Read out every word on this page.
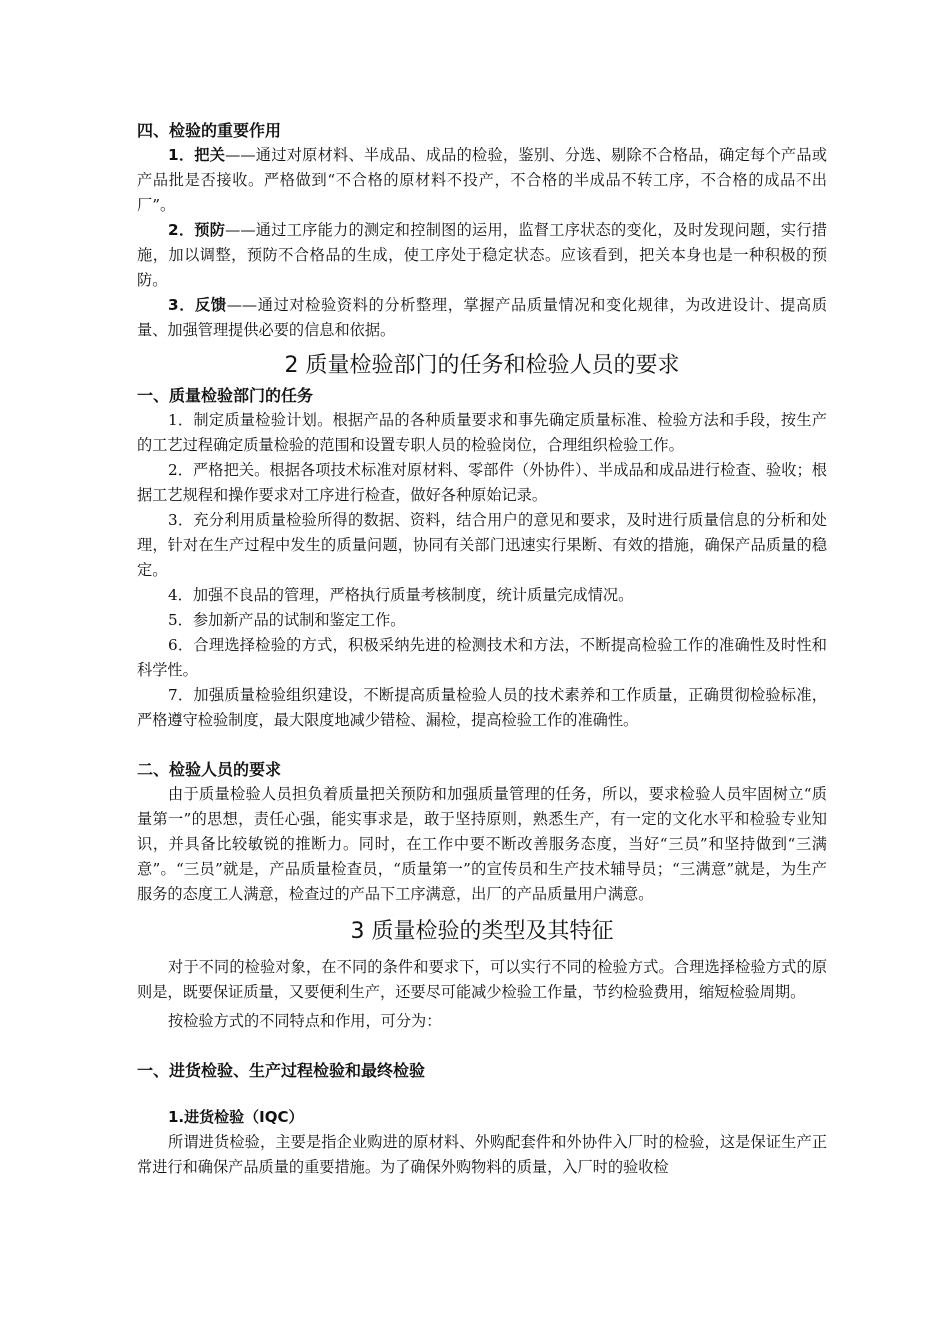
四、检验的重要作用

1．把关——通过对原材料、半成品、成品的检验，鉴别、分选、剔除不合格品，确定每个产品或产品批是否接收。严格做到“不合格的原材料不投产，不合格的半成品不转工序，不合格的成品不出厂”。

2．预防——通过工序能力的测定和控制图的运用，监督工序状态的变化，及时发现问题，实行措施，加以调整，预防不合格品的生成，使工序处于稳定状态。应该看到，把关本身也是一种积极的预防。

3．反馈——通过对检验资料的分析整理，掌握产品质量情况和变化规律，为改进设计、提高质量、加强管理提供必要的信息和依据。

2 质量检验部门的任务和检验人员的要求

一、质量检验部门的任务

1．制定质量检验计划。根据产品的各种质量要求和事先确定质量标准、检验方法和手段，按生产的工艺过程确定质量检验的范围和设置专职人员的检验岗位，合理组织检验工作。

2．严格把关。根据各项技术标准对原材料、零部件（外协件）、半成品和成品进行检查、验收；根据工艺规程和操作要求对工序进行检查，做好各种原始记录。

3．充分利用质量检验所得的数据、资料，结合用户的意见和要求，及时进行质量信息的分析和处理，针对在生产过程中发生的质量问题，协同有关部门迅速实行果断、有效的措施，确保产品质量的稳定。

4．加强不良品的管理，严格执行质量考核制度，统计质量完成情况。

5．参加新产品的试制和鉴定工作。

6．合理选择检验的方式，积极采纳先进的检测技术和方法，不断提高检验工作的准确性及时性和科学性。

7．加强质量检验组织建设，不断提高质量检验人员的技术素养和工作质量，正确贯彻检验标准，严格遵守检验制度，最大限度地减少错检、漏检，提高检验工作的准确性。

二、检验人员的要求

由于质量检验人员担负着质量把关预防和加强质量管理的任务，所以，要求检验人员牢固树立“质量第一”的思想，责任心强，能实事求是，敢于坚持原则，熟悉生产，有一定的文化水平和检验专业知识，并具备比较敏锐的推断力。同时，在工作中要不断改善服务态度，当好“三员”和坚持做到“三满意”。“三员”就是，产品质量检查员，“质量第一”的宣传员和生产技术辅导员；“三满意”就是，为生产服务的态度工人满意，检查过的产品下工序满意，出厂的产品质量用户满意。

3 质量检验的类型及其特征

对于不同的检验对象，在不同的条件和要求下，可以实行不同的检验方式。合理选择检验方式的原则是，既要保证质量，又要便利生产，还要尽可能减少检验工作量，节约检验费用，缩短检验周期。

按检验方式的不同特点和作用，可分为：

一、进货检验、生产过程检验和最终检验

1.进货检验（IQC）

所谓进货检验，主要是指企业购进的原材料、外购配套件和外协件入厂时的检验，这是保证生产正常进行和确保产品质量的重要措施。为了确保外购物料的质量，入厂时的验收检
